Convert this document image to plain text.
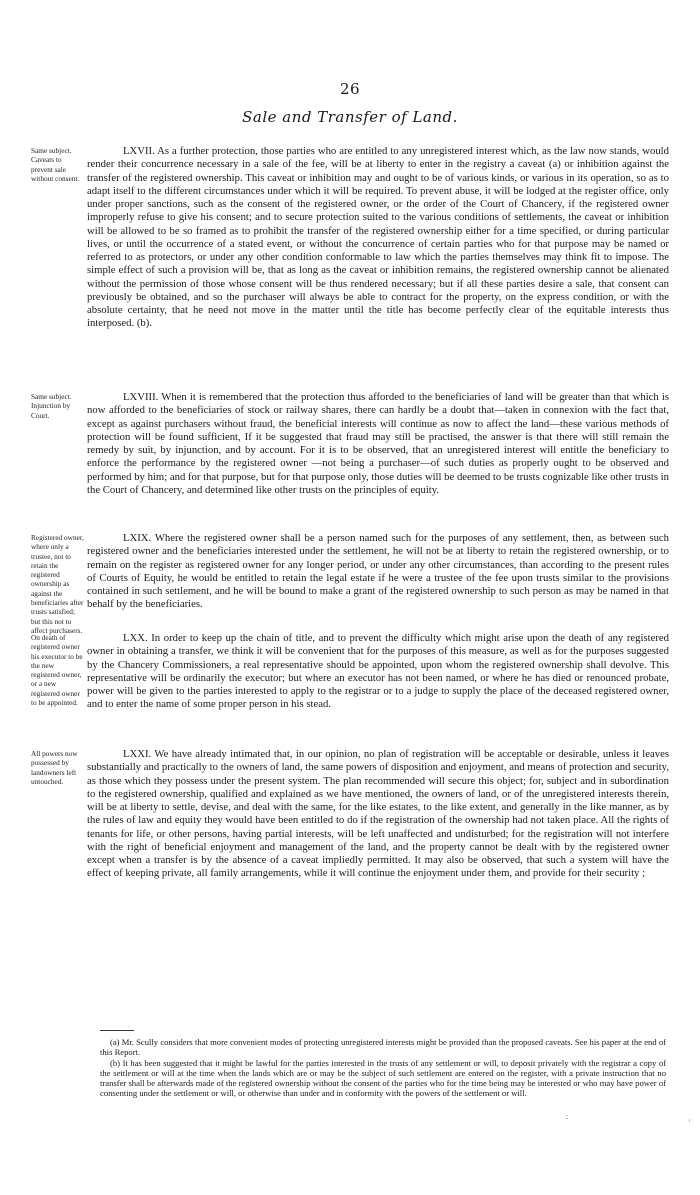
26
Sale and Transfer of Land.
Same subject. Caveats to prevent sale without consent.
LXVII. As a further protection, those parties who are entitled to any unregistered interest which, as the law now stands, would render their concurrence necessary in a sale of the fee, will be at liberty to enter in the registry a caveat (a) or inhibition against the transfer of the registered ownership. This caveat or inhibition may and ought to be of various kinds, or various in its operation, so as to adapt itself to the different circumstances under which it will be required. To prevent abuse, it will be lodged at the register office, only under proper sanctions, such as the consent of the registered owner, or the order of the Court of Chancery, if the registered owner improperly refuse to give his consent; and to secure protection suited to the various conditions of settlements, the caveat or inhibition will be allowed to be so framed as to prohibit the transfer of the registered ownership either for a time specified, or during particular lives, or until the occurrence of a stated event, or without the concurrence of certain parties who for that purpose may be named or referred to as protectors, or under any other condition conformable to law which the parties themselves may think fit to impose. The simple effect of such a provision will be, that as long as the caveat or inhibition remains, the registered ownership cannot be alienated without the permission of those whose consent will be thus rendered necessary; but if all these parties desire a sale, that consent can previously be obtained, and so the purchaser will always be able to contract for the property, on the express condition, or with the absolute certainty, that he need not move in the matter until the title has become perfectly clear of the equitable interests thus interposed. (b).
Same subject. Injunction by Court.
LXVIII. When it is remembered that the protection thus afforded to the beneficiaries of land will be greater than that which is now afforded to the beneficiaries of stock or railway shares, there can hardly be a doubt that—taken in connexion with the fact that, except as against purchasers without fraud, the beneficial interests will continue as now to affect the land—these various methods of protection will be found sufficient, If it be suggested that fraud may still be practised, the answer is that there will still remain the remedy by suit, by injunction, and by account. For it is to be observed, that an unregistered interest will entitle the beneficiary to enforce the performance by the registered owner —not being a purchaser—of such duties as properly ought to be observed and performed by him; and for that purpose, but for that purpose only, those duties will be deemed to be trusts cognizable like other trusts in the Court of Chancery, and determined like other trusts on the principles of equity.
Registered owner, where only a trustee, not to retain the registered ownership as against the beneficiaries after trusts satisfied; but this not to affect purchasers.
LXIX. Where the registered owner shall be a person named such for the purposes of any settlement, then, as between such registered owner and the beneficiaries interested under the settlement, he will not be at liberty to retain the registered ownership, or to remain on the register as registered owner for any longer period, or under any other circumstances, than according to the present rules of Courts of Equity, he would be entitled to retain the legal estate if he were a trustee of the fee upon trusts similar to the provisions contained in such settlement, and he will be bound to make a grant of the registered ownership to such person as may be named in that behalf by the beneficiaries.
On death of registered owner his executor to be the new registered owner, or a new registered owner to be appointed.
LXX. In order to keep up the chain of title, and to prevent the difficulty which might arise upon the death of any registered owner in obtaining a transfer, we think it will be convenient that for the purposes of this measure, as well as for the purposes suggested by the Chancery Commissioners, a real representative should be appointed, upon whom the registered ownership shall devolve. This representative will be ordinarily the executor; but where an executor has not been named, or where he has died or renounced probate, power will be given to the parties interested to apply to the registrar or to a judge to supply the place of the deceased registered owner, and to enter the name of some proper person in his stead.
All powers now possessed by landowners left untouched.
LXXI. We have already intimated that, in our opinion, no plan of registration will be acceptable or desirable, unless it leaves substantially and practically to the owners of land, the same powers of disposition and enjoyment, and means of protection and security, as those which they possess under the present system. The plan recommended will secure this object; for, subject and in subordination to the registered ownership, qualified and explained as we have mentioned, the owners of land, or of the unregistered interests therein, will be at liberty to settle, devise, and deal with the same, for the like estates, to the like extent, and generally in the like manner, as by the rules of law and equity they would have been entitled to do if the registration of the ownership had not taken place. All the rights of tenants for life, or other persons, having partial interests, will be left unaffected and undisturbed; for the registration will not interfere with the right of beneficial enjoyment and management of the land, and the property cannot be dealt with by the registered owner except when a transfer is by the absence of a caveat impliedly permitted. It may also be observed, that such a system will have the effect of keeping private, all family arrangements, while it will continue the enjoyment under them, and provide for their security ;

(a) Mr. Scully considers that more convenient modes of protecting unregistered interests might be provided than the proposed caveats. See his paper at the end of this Report.

(b) It has been suggested that it might be lawful for the parties interested in the trusts of any settlement or will, to deposit privately with the registrar a copy of the settlement or will at the time when the lands which are or may be the subject of such settlement are entered on the register, with a private instruction that no transfer shall be afterwards made of the registered ownership without the consent of the parties who for the time being may be interested or who may have power of consenting under the settlement or will, or otherwise than under and in conformity with the powers of the settlement or will.

:
'
